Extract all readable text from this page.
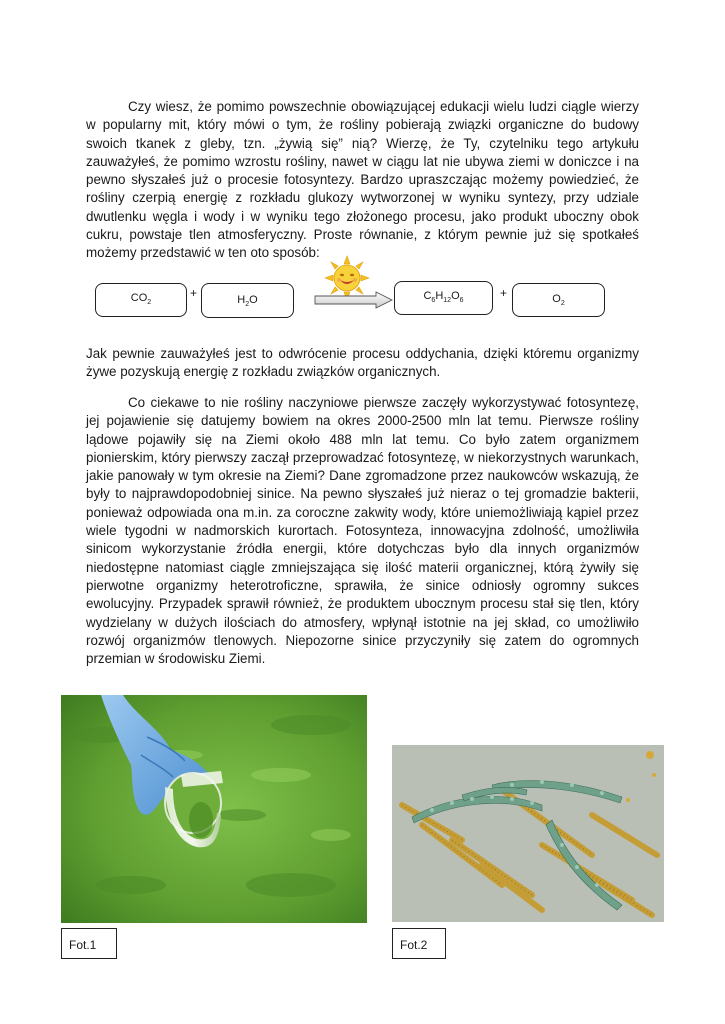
Czy wiesz, że pomimo powszechnie obowiązującej edukacji wielu ludzi ciągle wierzy w popularny mit, który mówi o tym, że rośliny pobierają związki organiczne do budowy swoich tkanek z gleby, tzn. „żywią się” nią? Wierzę, że Ty, czytelniku tego artykułu zauważyłeś, że pomimo wzrostu rośliny, nawet w ciągu lat nie ubywa ziemi w doniczce i na pewno słyszałeś już o procesie fotosyntezy. Bardzo upraszczając możemy powiedzieć, że rośliny czerpią energię z rozkładu glukozy wytworzonej w wyniku syntezy, przy udziale dwutlenku węgla i wody i w wyniku tego złożonego procesu, jako produkt uboczny obok cukru, powstaje tlen atmosferyczny. Proste równanie, z którym pewnie już się spotkałeś możemy przedstawić w ten oto sposób:

$CO_2$
+	$H_2O$	$C_6H_{12}O_6$
+	$O_2$

Jak pewnie zauważyłeś jest to odwrócenie procesu oddychania, dzięki któremu organizmy żywe pozyskują energię z rozkładu związków organicznych.

Co ciekawe to nie rośliny naczyniowe pierwsze zaczęły wykorzystywać fotosyntezę, jej pojawienie się datujemy bowiem na okres 2000-2500 mln lat temu. Pierwsze rośliny lądowe pojawiły się na Ziemi około 488 mln lat temu. Co było zatem organizmem pionierskim, który pierwszy zaczął przeprowadzać fotosyntezę, w niekorzystnych warunkach, jakie panowały w tym okresie na Ziemi? Dane zgromadzone przez naukowców wskazują, że były to najprawdopodobniej sinice. Na pewno słyszałeś już nieraz o tej gromadzie bakterii, ponieważ odpowiada ona m.in. za coroczne zakwity wody, które uniemożliwiają kąpiel przez wiele tygodni w nadmorskich kurortach. Fotosynteza, innowacyjna zdolność, umożliwiła sinicom wykorzystanie źródła energii, które dotychczas było dla innych organizmów niedostępne natomiast ciągle zmniejszająca się ilość materii organicznej, którą żywiły się pierwotne organizmy heterotroficzne, sprawiła, że sinice odniosły ogromny sukces ewolucyjny. Przypadek sprawił również, że produktem ubocznym procesu stał się tlen, który wydzielany w dużych ilościach do atmosfery, wpłynął istotnie na jej skład, co umożliwiło rozwój organizmów tlenowych. Niepozorne sinice przyczyniły się zatem do ogromnych przemian w środowisku Ziemi.

Fot.1	Fot.2
